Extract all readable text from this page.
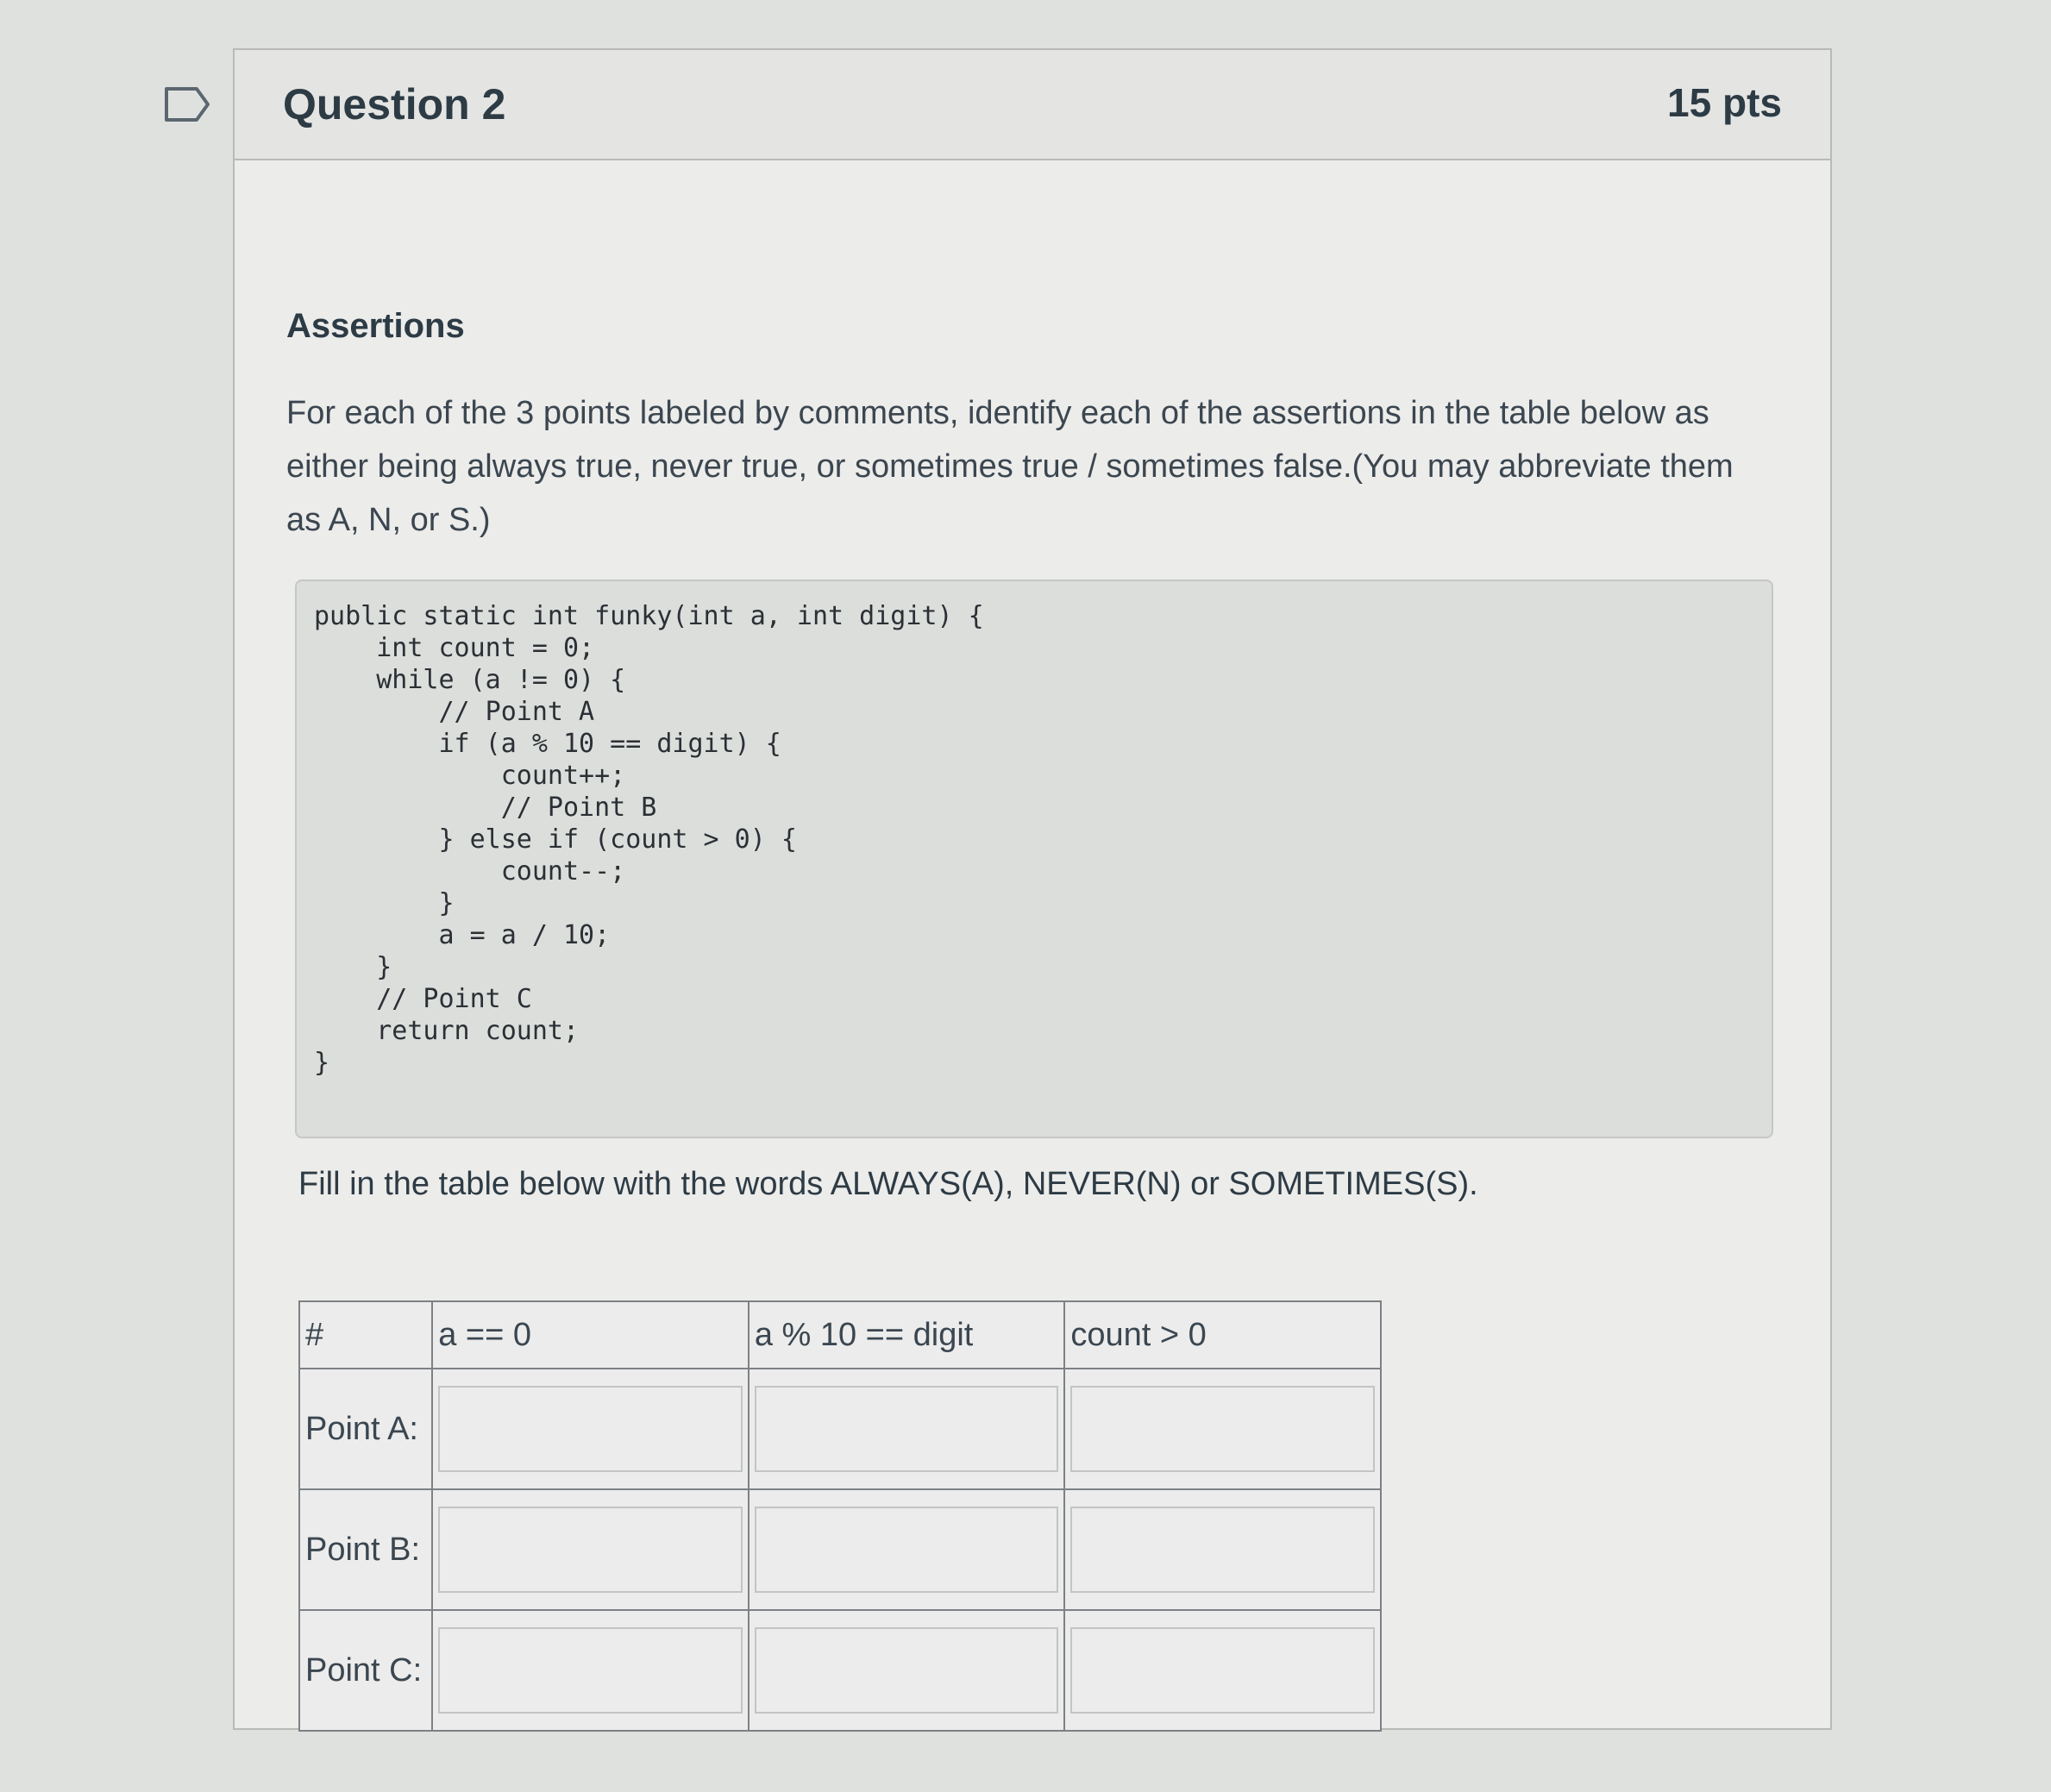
Question 2	15 pts
Assertions

For each of the 3 points labeled by comments, identify each of the assertions in the table below as either being always true, never true, or sometimes true / sometimes false.(You may abbreviate them as A, N, or S.)

public static int funky(int a, int digit) {
int count = 0;
while (a != 0) {
// Point A
if (a % 10 == digit) {
count++;
// Point B
} else if (count > 0) {
count--;
}
a = a / 10;
}
// Point C
return count;
}

Fill in the table below with the words ALWAYS(A), NEVER(N) or SOMETIMES(S).

#	a == 0	a % 10 == digit	count > 0
Point A:	

Point B:	

Point C:	
